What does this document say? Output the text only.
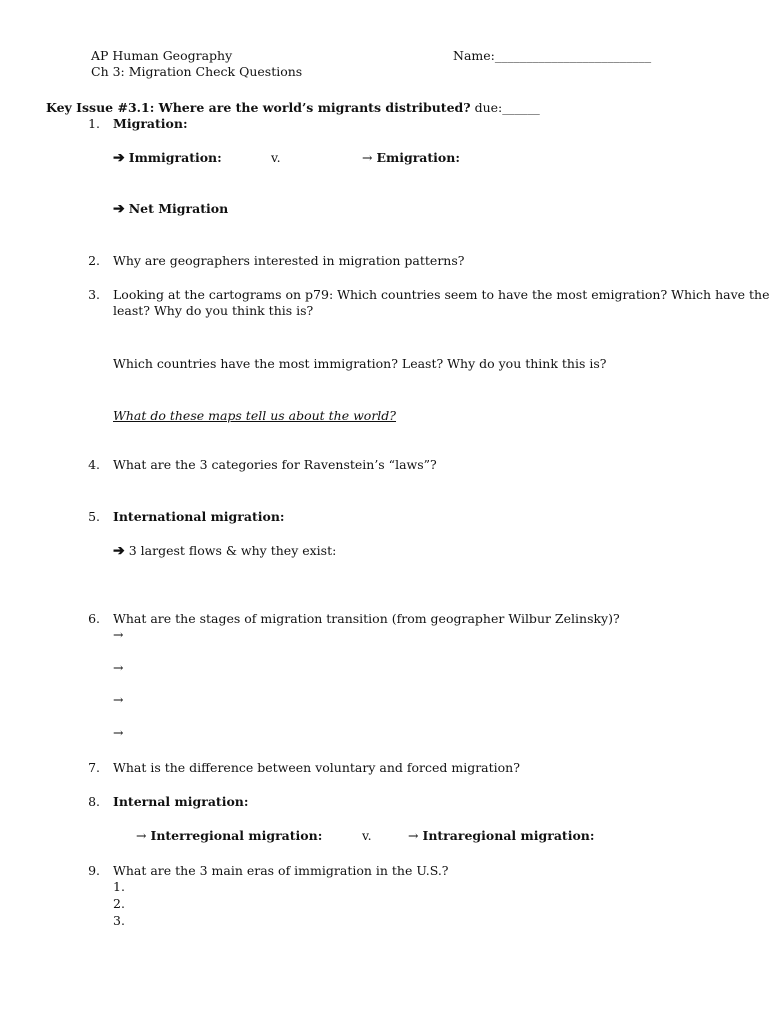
AP Human Geography
Ch 3: Migration Check Questions
Name:_________________________
Key Issue #3.1: Where are the world’s migrants distributed? due:______
1. Migration:
➔ Immigration:	v.	→ Emigration:
➔ Net Migration
2. Why are geographers interested in migration patterns?
3. Looking at the cartograms on p79: Which countries seem to have the most emigration? Which have the
least? Why do you think this is?
Which countries have the most immigration? Least? Why do you think this is?
What do these maps tell us about the world?
4. What are the 3 categories for Ravenstein’s “laws”?
5. International migration:
➔ 3 largest flows & why they exist:
6. What are the stages of migration transition (from geographer Wilbur Zelinsky)?
→
→
→
→
7. What is the difference between voluntary and forced migration?
8. Internal migration:
→ Interregional migration:	v.	→ Intraregional migration:
9. What are the 3 main eras of immigration in the U.S.?
1.
2.
3.
